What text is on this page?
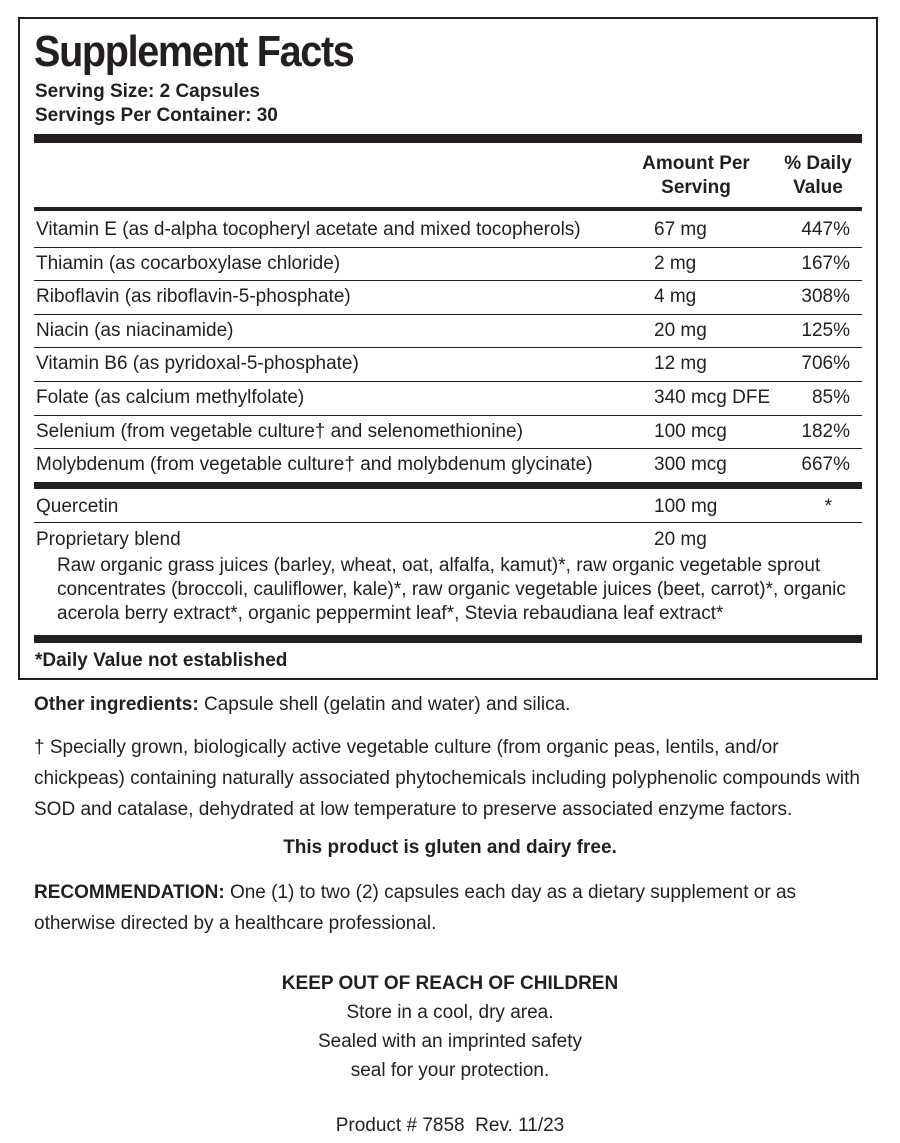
Supplement Facts
Serving Size: 2 Capsules
Servings Per Container: 30
Amount Per
Serving
% Daily
Value
Vitamin E (as d-alpha tocopheryl acetate and mixed tocopherols)	67 mg	447%
Thiamin (as cocarboxylase chloride)	2 mg	167%
Riboflavin (as riboflavin-5-phosphate)	4 mg	308%
Niacin (as niacinamide)	20 mg	125%
Vitamin B6 (as pyridoxal-5-phosphate)	12 mg	706%
Folate (as calcium methylfolate)	340 mcg DFE 85%
Selenium (from vegetable culture† and selenomethionine)	100 mcg	182%
Molybdenum (from vegetable culture† and molybdenum glycinate)	300 mcg	667%
Quercetin	100 mg	*
Proprietary blend	20 mg
Raw organic grass juices (barley, wheat, oat, alfalfa, kamut)*, raw organic vegetable sprout concentrates (broccoli, cauliflower, kale)*, raw organic vegetable juices (beet, carrot)*, organic acerola berry extract*, organic peppermint leaf*, Stevia rebaudiana leaf extract*
*Daily Value not established
Other ingredients: Capsule shell (gelatin and water) and silica.
† Specially grown, biologically active vegetable culture (from organic peas, lentils, and/or chickpeas) containing naturally associated phytochemicals including polyphenolic compounds with SOD and catalase, dehydrated at low temperature to preserve associated enzyme factors.
This product is gluten and dairy free.
RECOMMENDATION: One (1) to two (2) capsules each day as a dietary supplement or as otherwise directed by a healthcare professional.
KEEP OUT OF REACH OF CHILDREN
Store in a cool, dry area.
Sealed with an imprinted safety
seal for your protection.
Product # 7858  Rev. 11/23
